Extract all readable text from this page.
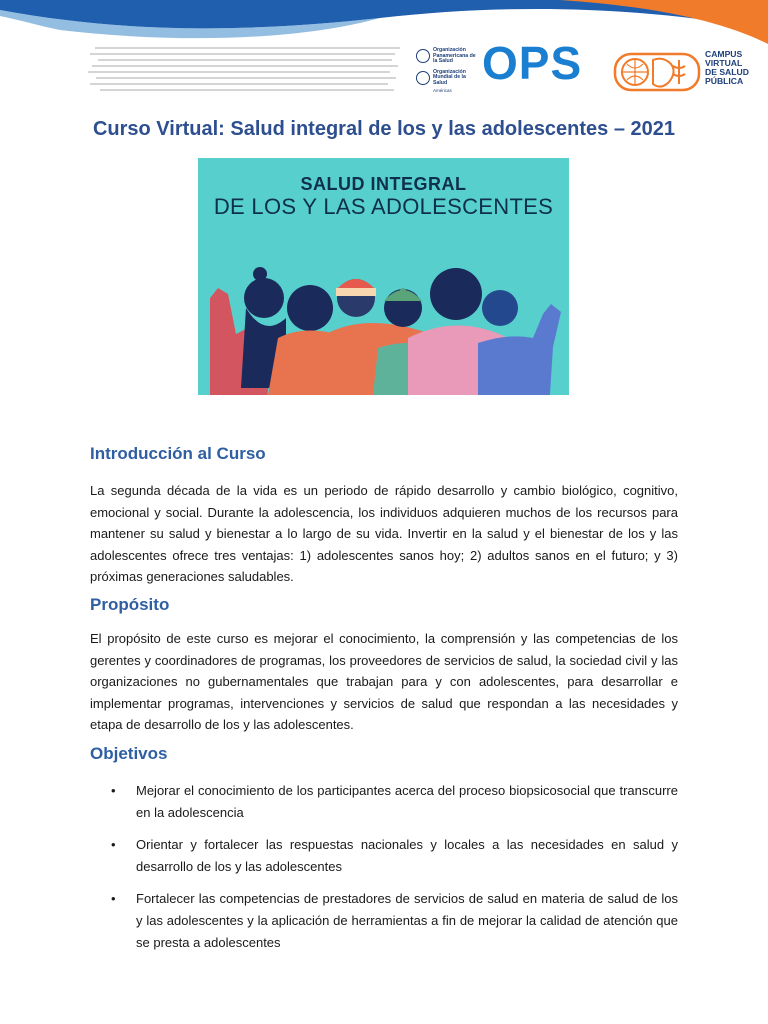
Organización Panamericana de la Salud
Organización Mundial de la Salud
Américas
OPS	CAMPUS
VIRTUAL
DE SALUD
PÚBLICA
Curso Virtual: Salud integral de los y las adolescentes – 2021
SALUD INTEGRAL
DE LOS Y LAS ADOLESCENTES
Introducción al Curso
La segunda década de la vida es un periodo de rápido desarrollo y cambio biológico, cognitivo, emocional y social. Durante la adolescencia, los individuos adquieren muchos de los recursos para mantener su salud y bienestar a lo largo de su vida. Invertir en la salud y el bienestar de los y las adolescentes ofrece tres ventajas: 1) adolescentes sanos hoy; 2) adultos sanos en el futuro; y 3) próximas generaciones saludables.
Propósito
El propósito de este curso es mejorar el conocimiento, la comprensión y las competencias de los gerentes y coordinadores de programas, los proveedores de servicios de salud, la sociedad civil y las organizaciones no gubernamentales que trabajan para y con adolescentes, para desarrollar e implementar programas, intervenciones y servicios de salud que respondan a las necesidades y etapa de desarrollo de los y las adolescentes.
Objetivos
• Mejorar el conocimiento de los participantes acerca del proceso biopsicosocial que transcurre en la adolescencia
• Orientar y fortalecer las respuestas nacionales y locales a las necesidades en salud y desarrollo de los y las adolescentes
• Fortalecer las competencias de prestadores de servicios de salud en materia de salud de los y las adolescentes y la aplicación de herramientas a fin de mejorar la calidad de atención que se presta a adolescentes
